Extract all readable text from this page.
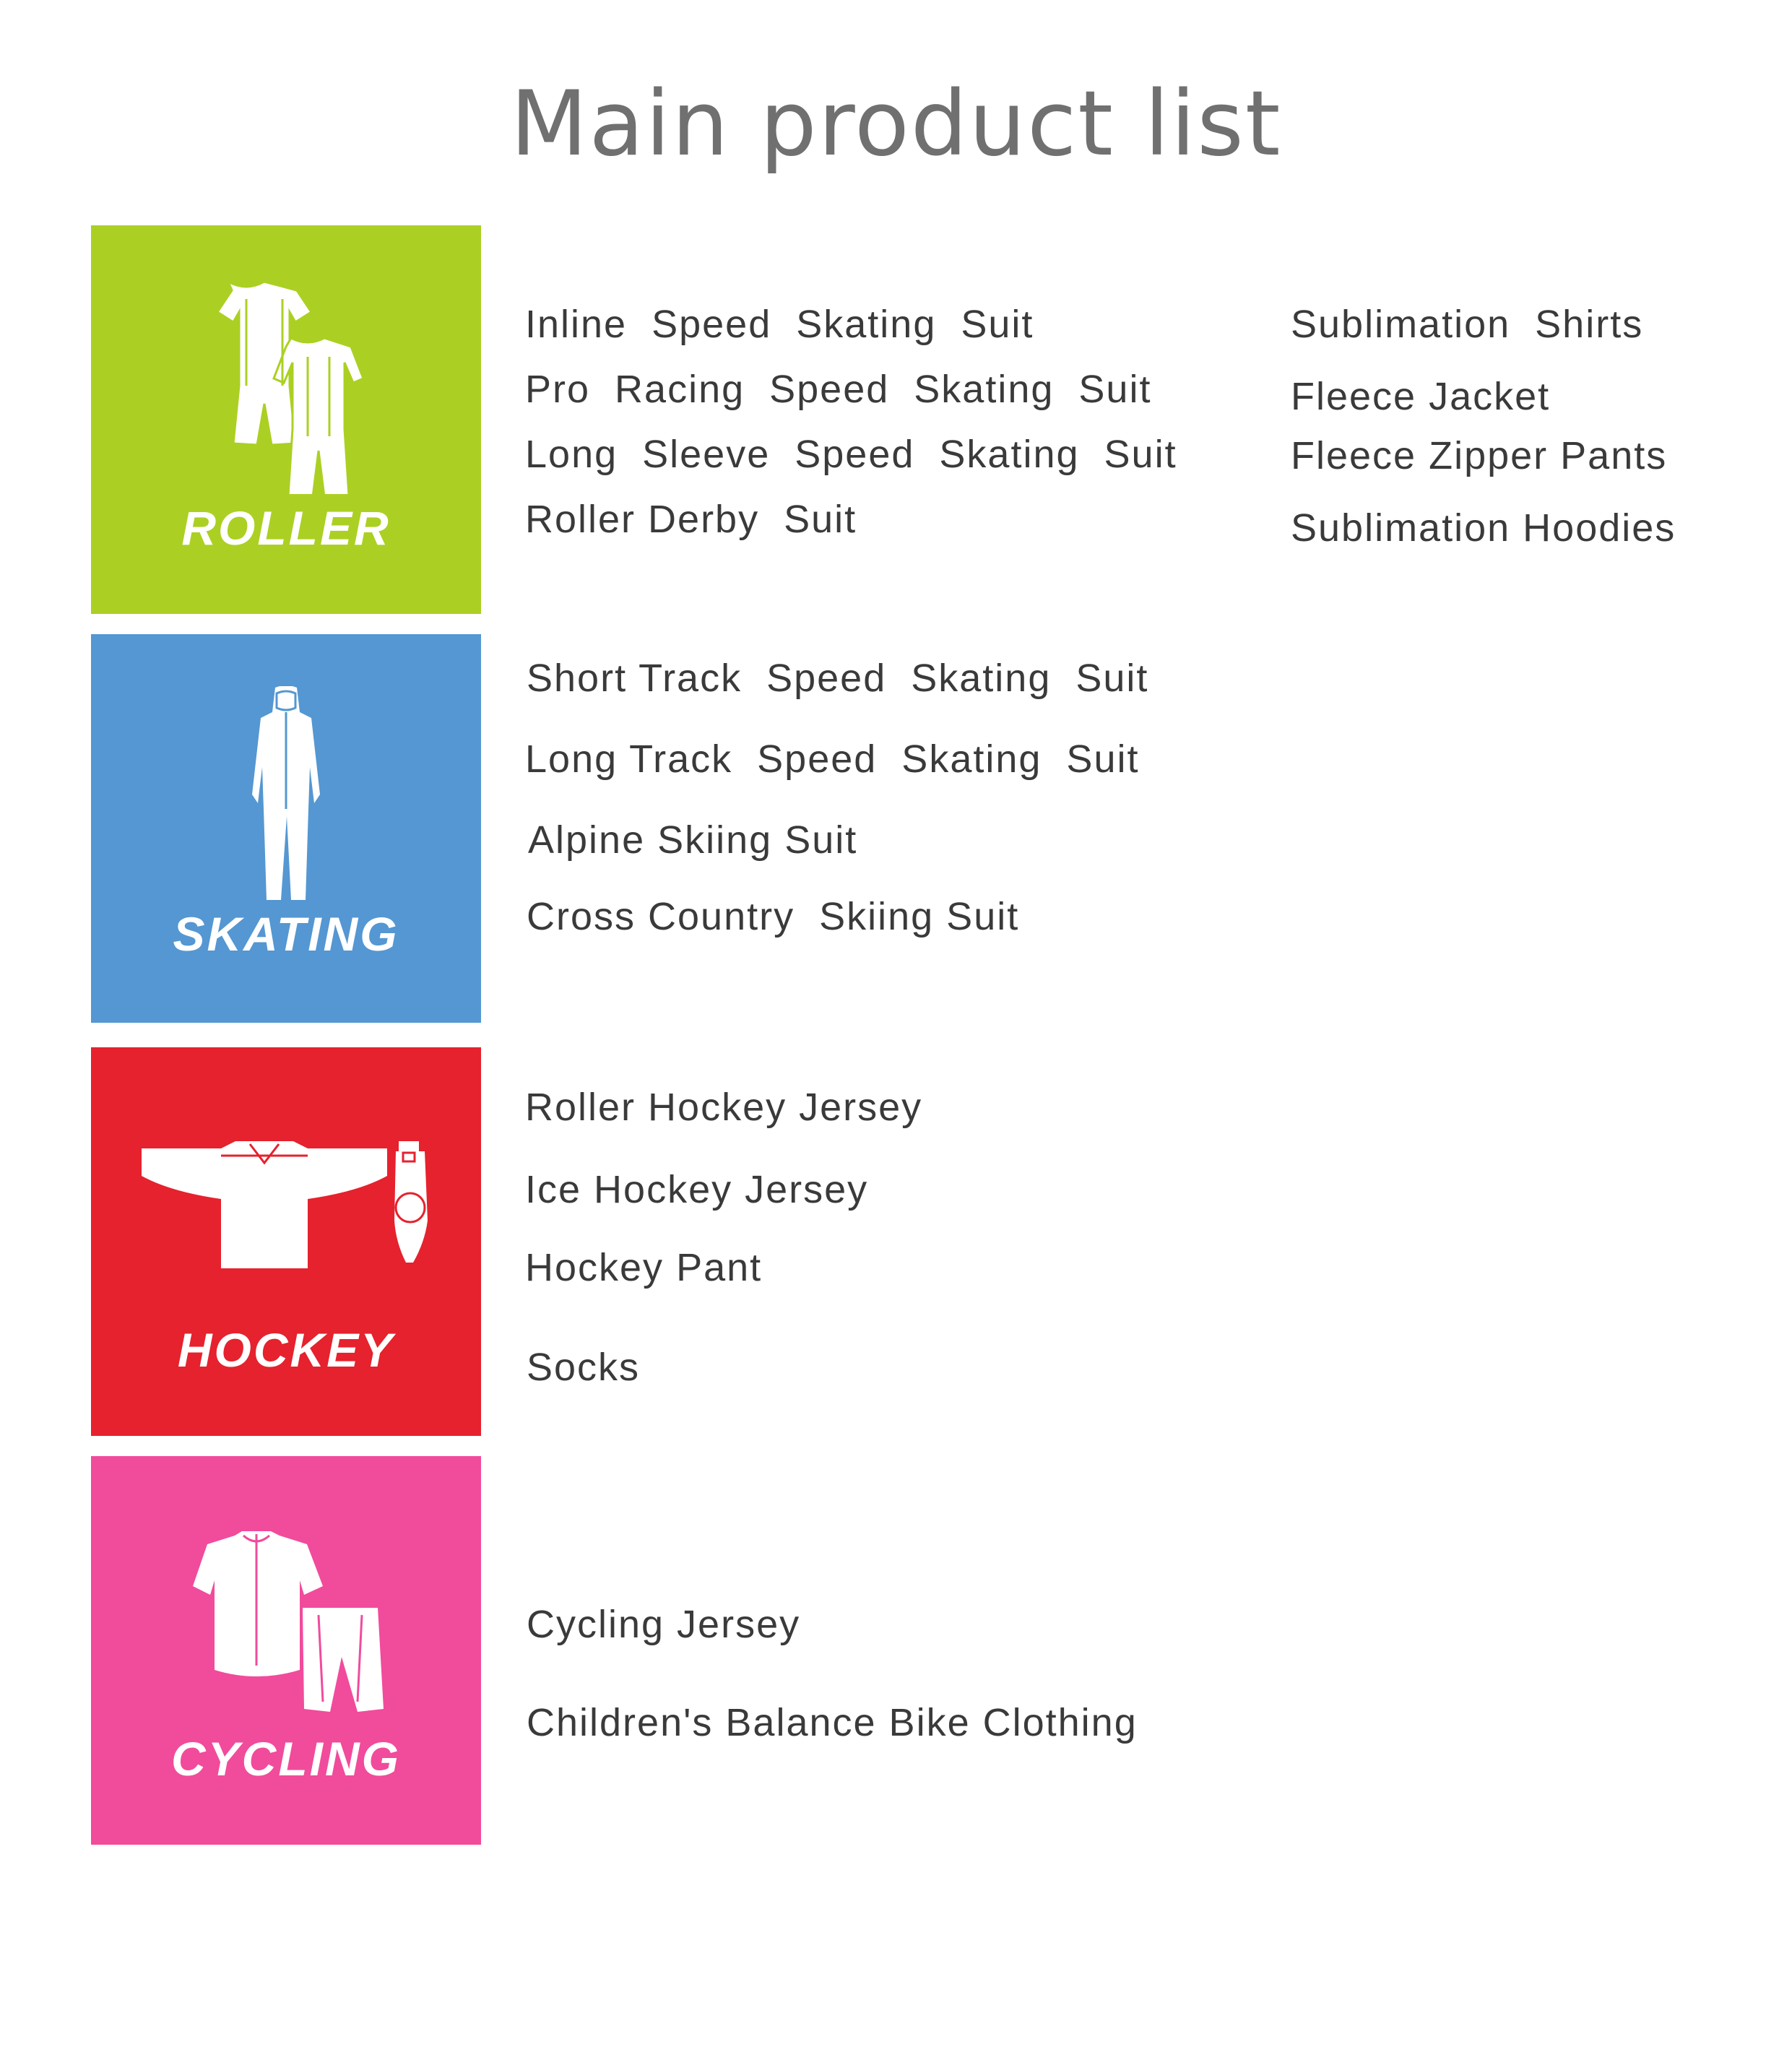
Main product list
ROLLER
Inline  Speed  Skating  Suit
Pro  Racing  Speed  Skating  Suit
Long  Sleeve  Speed  Skating  Suit
Roller Derby  Suit
Sublimation  Shirts
Fleece Jacket
Fleece Zipper Pants
Sublimation Hoodies
SKATING
Short Track  Speed  Skating  Suit
Long Track  Speed  Skating  Suit
Alpine Skiing Suit
Cross Country  Skiing Suit
HOCKEY
Roller Hockey Jersey
Ice Hockey Jersey
Hockey Pant
Socks
CYCLING
Cycling Jersey
Children's Balance Bike Clothing
